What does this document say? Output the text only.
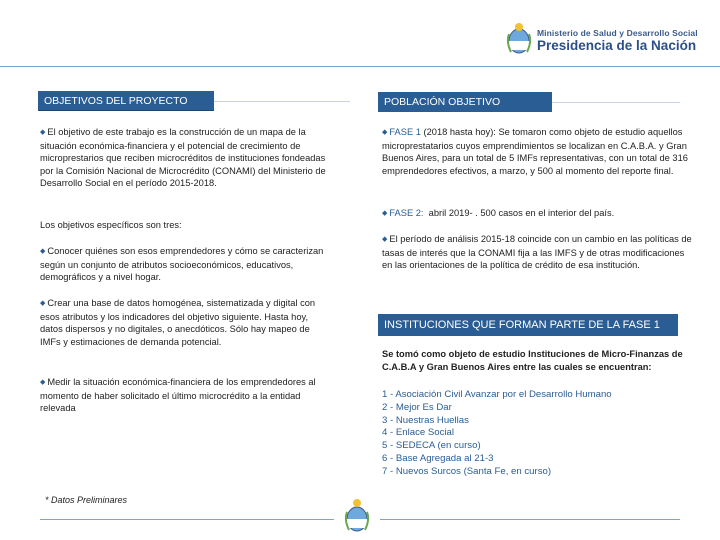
Ministerio de Salud y Desarrollo Social
Presidencia de la Nación
OBJETIVOS DEL PROYECTO
◆ El objetivo de este trabajo es la construcción de un mapa de la situación económica-financiera y el potencial de crecimiento de microprestarios que reciben microcréditos de instituciones fondeadas por la Comisión Nacional de Microcrédito (CONAMI) del Ministerio de Desarrollo Social en el período 2015-2018.
Los objetivos específicos son tres:
◆ Conocer quiénes son esos emprendedores y cómo se caracterizan según un conjunto de atributos socioeconómicos, educativos, demográficos y a nivel hogar.
◆ Crear una base de datos homogénea, sistematizada y digital con esos atributos y los indicadores del objetivo siguiente. Hasta hoy, datos dispersos y no digitales, o anecdóticos. Sólo hay mapeo de IMFs y estimaciones de demanda potencial.
◆ Medir la situación económica-financiera de los emprendedores al momento de haber solicitado el último microcrédito a la entidad relevada
* Datos Preliminares
POBLACIÓN OBJETIVO
◆ FASE 1 (2018 hasta hoy): Se tomaron como objeto de estudio aquellos microprestatarios cuyos emprendimientos se localizan en C.A.B.A. y Gran Buenos Aires, para un total de 5 IMFs representativas, con un total de 316 emprendedores efectivos, a marzo, y 500 al momento del reporte final.
◆ FASE 2: abril 2019- . 500 casos en el interior del país.
◆ El período de análisis 2015-18 coincide con un cambio en las políticas de tasas de interés que la CONAMI fija a las IMFS y de otras modificaciones en las orientaciones de la política de crédito de esa institución.
INSTITUCIONES QUE FORMAN PARTE DE LA FASE 1
Se tomó como objeto de estudio Instituciones de Micro-Finanzas de C.A.B.A y Gran Buenos Aires entre las cuales se encuentran:
1 - Asociación Civil Avanzar por el Desarrollo Humano
2 - Mejor Es Dar
3 - Nuestras Huellas
4 - Enlace Social
5 - SEDECA (en curso)
6 - Base Agregada al 21-3
7 - Nuevos Surcos (Santa Fe, en curso)
